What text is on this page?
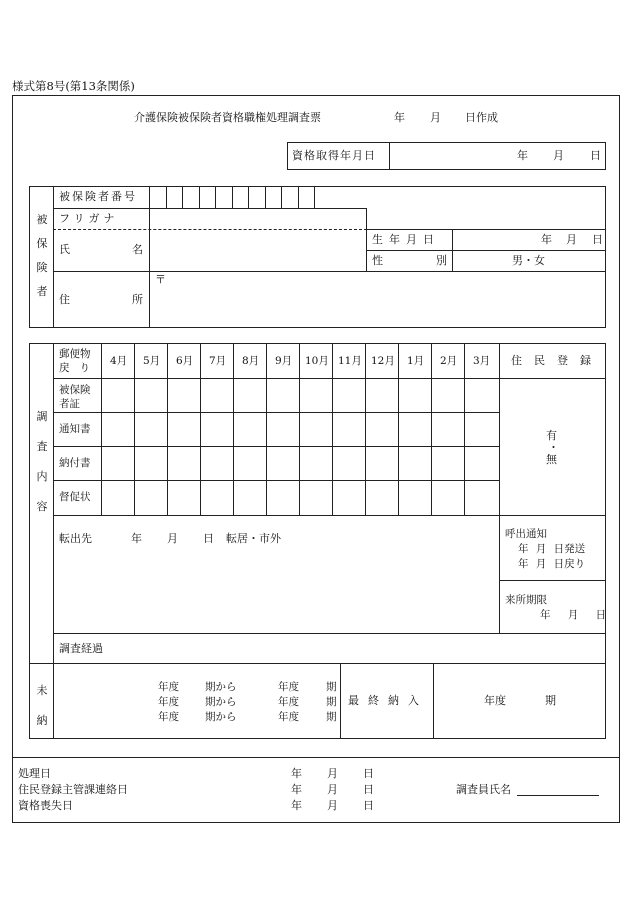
様式第8号(第13条関係)
介護保険被保険者資格職権処理調査票	年 月 日作成
資格取得年月日	年 月 日
被保険者
被保険者番号
フリガナ
氏	名
生年月日	年 月 日
性	別	男・女
〒
住	所
調査内容
郵便物
戻り
4月 5月 6月 7月 8月 9月 10月 11月 12月 1月 2月 3月 住民登録
被保険者証
通知書
納付書
督促状
有
・
無
転出先	年 月 日 転居・市外	呼出通知
年 月 日発送
年 月 日戻り
来所期限
年 月 日
調査経過
未納
年度 期から	年度	期
年度 期から	年度	期
年度 期から	年度	期
最終納入	年度	期
処理日	年 月 日
住民登録主管課連絡日	年 月 日
資格喪失日	年 月 日
調査員氏名
